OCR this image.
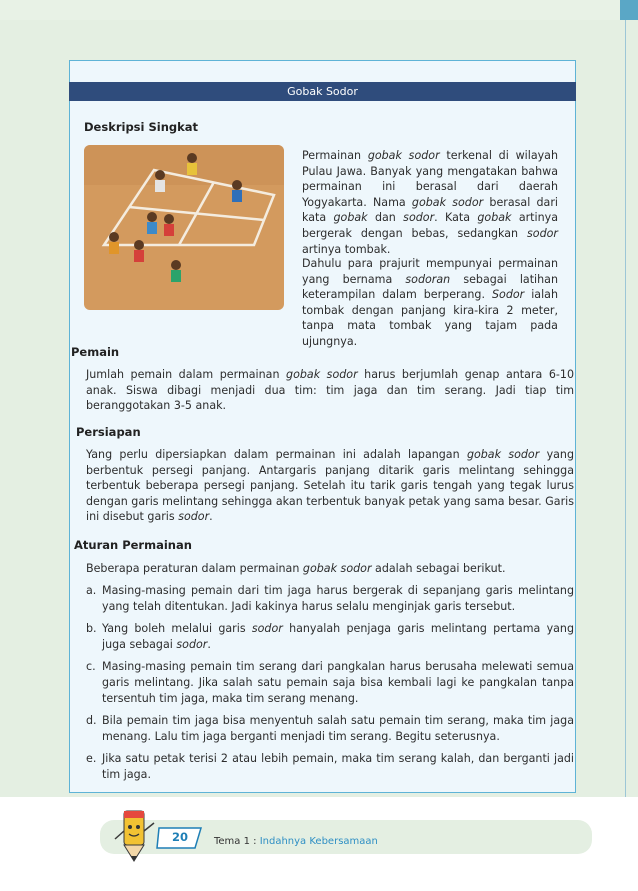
Gobak Sodor
Deskripsi Singkat
Permainan gobak sodor terkenal di wilayah Pulau Jawa. Banyak yang mengatakan bahwa permainan ini berasal dari daerah Yogyakarta. Nama gobak sodor berasal dari kata gobak dan sodor. Kata gobak artinya bergerak dengan bebas, sedangkan sodor artinya tombak.
Dahulu para prajurit mempunyai permainan yang bernama sodoran sebagai latihan keterampilan dalam berperang. Sodor ialah tombak dengan panjang kira-kira 2 meter, tanpa mata tombak yang tajam pada ujungnya.
Pemain
Jumlah pemain dalam permainan gobak sodor harus berjumlah genap antara 6-10 anak. Siswa dibagi menjadi dua tim: tim jaga dan tim serang. Jadi tiap tim beranggotakan 3-5 anak.
Persiapan
Yang perlu dipersiapkan dalam permainan ini adalah lapangan gobak sodor yang berbentuk persegi panjang. Antargaris panjang ditarik garis melintang sehingga terbentuk beberapa persegi panjang. Setelah itu tarik garis tengah yang tegak lurus dengan garis melintang sehingga akan terbentuk banyak petak yang sama besar. Garis ini disebut garis sodor.
Aturan Permainan
Beberapa peraturan dalam permainan gobak sodor adalah sebagai berikut.
a. Masing-masing pemain dari tim jaga harus bergerak di sepanjang garis melintang yang telah ditentukan. Jadi kakinya harus selalu menginjak garis tersebut.
b. Yang boleh melalui garis sodor hanyalah penjaga garis melintang pertama yang juga sebagai sodor.
c. Masing-masing pemain tim serang dari pangkalan harus berusaha melewati semua garis melintang. Jika salah satu pemain saja bisa kembali lagi ke pangkalan tanpa tersentuh tim jaga, maka tim serang menang.
d. Bila pemain tim jaga bisa menyentuh salah satu pemain tim serang, maka tim jaga menang. Lalu tim jaga berganti menjadi tim serang. Begitu seterusnya.
e. Jika satu petak terisi 2 atau lebih pemain, maka tim serang kalah, dan berganti jadi tim jaga.
20	Tema 1 : Indahnya Kebersamaan
